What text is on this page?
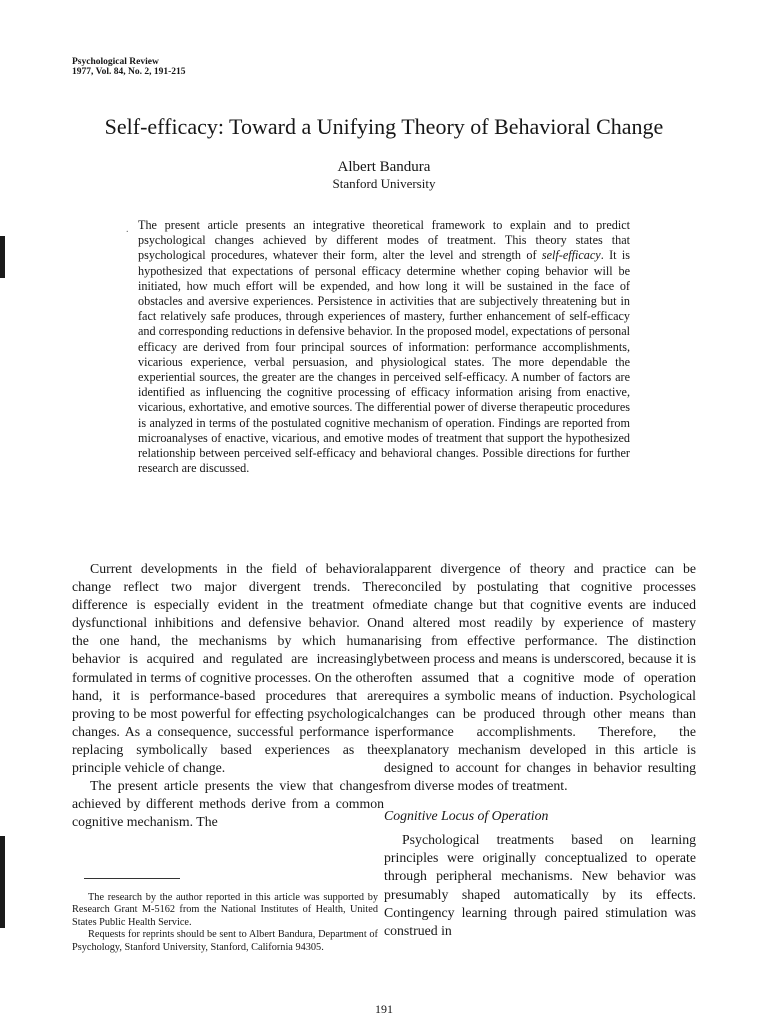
.
Psychological Review
1977, Vol. 84, No. 2, 191-215
Self-efficacy: Toward a Unifying Theory of Behavioral Change
Albert Bandura
Stanford University

The present article presents an integrative theoretical framework to explain and to predict psychological changes achieved by different modes of treatment. This theory states that psychological procedures, whatever their form, alter the level and strength of self-efficacy. It is hypothesized that expectations of personal efficacy determine whether coping behavior will be initiated, how much effort will be expended, and how long it will be sustained in the face of obstacles and aversive experiences. Persistence in activities that are subjectively threatening but in fact relatively safe produces, through experiences of mastery, further enhancement of self-efficacy and corresponding reductions in defensive behavior. In the proposed model, expectations of personal efficacy are derived from four principal sources of information: performance accomplishments, vicarious experience, verbal persuasion, and physiological states. The more dependable the experiential sources, the greater are the changes in perceived self-efficacy. A number of factors are identified as influencing the cognitive processing of efficacy information arising from enactive, vicarious, exhortative, and emotive sources. The differential power of diverse therapeutic procedures is analyzed in terms of the postulated cognitive mechanism of operation. Findings are reported from microanalyses of enactive, vicarious, and emotive modes of treatment that support the hypothesized relationship between perceived self-efficacy and behavioral changes. Possible directions for further research are discussed.

Current developments in the field of behavioral change reflect two major divergent trends. The difference is especially evident in the treatment of dysfunctional inhibitions and defensive behavior. On the one hand, the mechanisms by which human behavior is acquired and regulated are increasingly formulated in terms of cognitive processes. On the other hand, it is performance-based procedures that are proving to be most powerful for effecting psychological changes. As a consequence, successful performance is replacing symbolically based experiences as the principle vehicle of change.

The present article presents the view that changes achieved by different methods derive from a common cognitive mechanism. The

apparent divergence of theory and practice can be reconciled by postulating that cognitive processes mediate change but that cognitive events are induced and altered most readily by experience of mastery arising from effective performance. The distinction between process and means is underscored, because it is often assumed that a cognitive mode of operation requires a symbolic means of induction. Psychological changes can be produced through other means than performance accomplishments. Therefore, the explanatory mechanism developed in this article is designed to account for changes in behavior resulting from diverse modes of treatment.

Cognitive Locus of Operation

Psychological treatments based on learning principles were originally conceptualized to operate through peripheral mechanisms. New behavior was presumably shaped automatically by its effects. Contingency learning through paired stimulation was construed in

The research by the author reported in this article was supported by Research Grant M-5162 from the National Institutes of Health, United States Public Health Service.

Requests for reprints should be sent to Albert Bandura, Department of Psychology, Stanford University, Stanford, California 94305.

191
